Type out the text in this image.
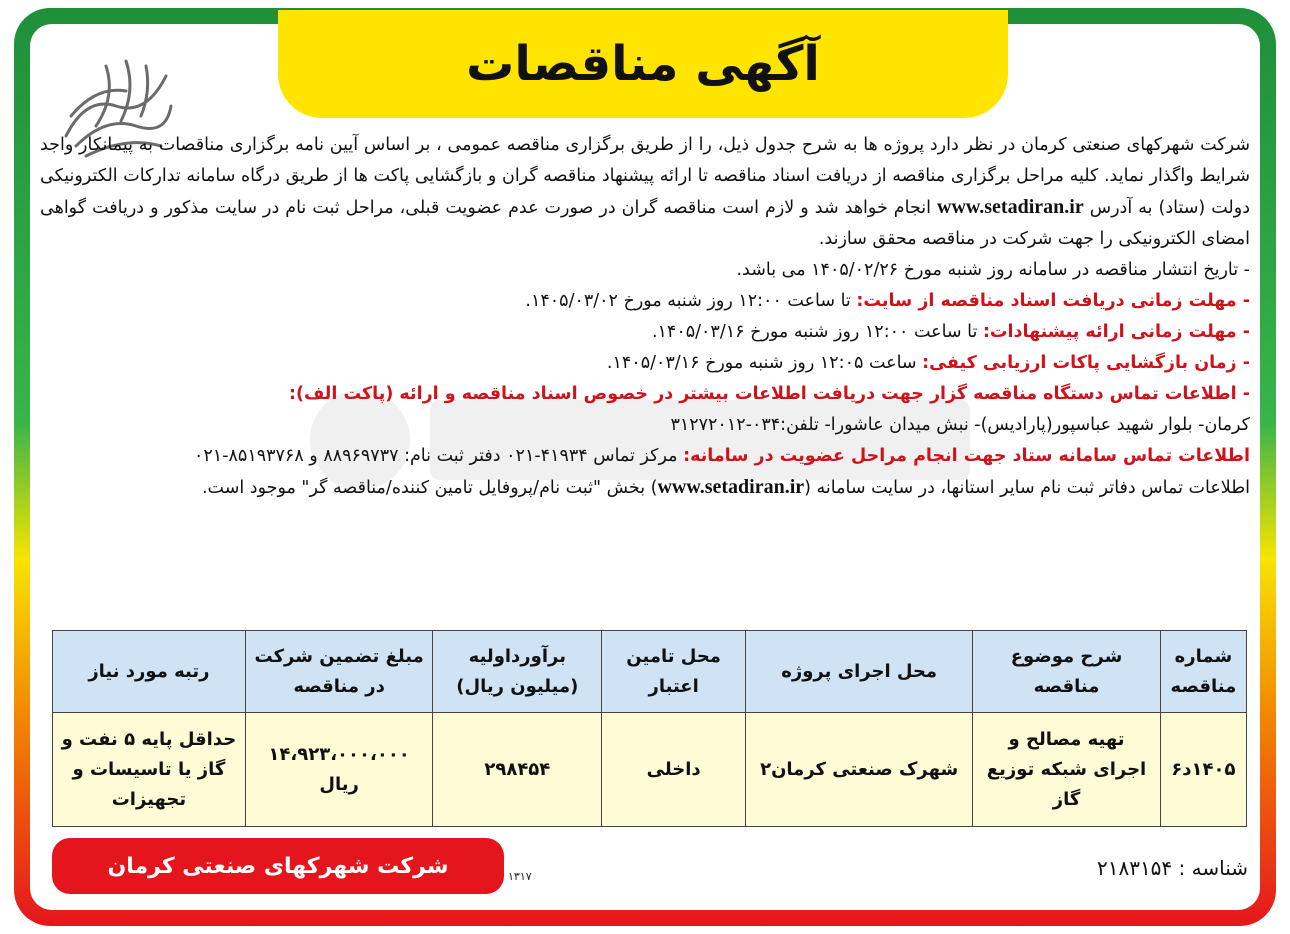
آگهی مناقصات

شرکت شهرکهای صنعتی کرمان در نظر دارد پروژه ها به شرح جدول ذیل، را از طریق برگزاری مناقصه عمومی ، بر اساس آیین نامه برگزاری مناقصات به پیمانکار واجد شرایط واگذار نماید. کلیه مراحل برگزاری مناقصه از دریافت اسناد مناقصه تا ارائه پیشنهاد مناقصه گران و بازگشایی پاکت ها از طریق درگاه سامانه تدارکات الکترونیکی دولت (ستاد) به آدرس www.setadiran.ir انجام خواهد شد و لازم است مناقصه گران در صورت عدم عضویت قبلی، مراحل ثبت نام در سایت مذکور و دریافت گواهی امضای الکترونیکی را جهت شرکت در مناقصه محقق سازند.

- تاریخ انتشار مناقصه در سامانه روز شنبه مورخ ۱۴۰۵/۰۲/۲۶ می باشد.
- مهلت زمانی دریافت اسناد مناقصه از سایت: تا ساعت ۱۲:۰۰ روز شنبه مورخ ۱۴۰۵/۰۳/۰۲.
- مهلت زمانی ارائه پیشنهادات: تا ساعت ۱۲:۰۰ روز شنبه مورخ ۱۴۰۵/۰۳/۱۶.
- زمان بازگشایی پاکات ارزیابی کیفی: ساعت ۱۲:۰۵ روز شنبه مورخ ۱۴۰۵/۰۳/۱۶.
- اطلاعات تماس دستگاه مناقصه گزار جهت دریافت اطلاعات بیشتر در خصوص اسناد مناقصه و ارائه (پاکت الف):
کرمان- بلوار شهید عباسپور(پارادیس)- نبش میدان عاشورا- تلفن:۰۳۴-۳۱۲۷۲۰۱۲
اطلاعات تماس سامانه ستاد جهت انجام مراحل عضویت در سامانه: مرکز تماس ۴۱۹۳۴-۰۲۱ دفتر ثبت نام: ۸۸۹۶۹۷۳۷ و ۸۵۱۹۳۷۶۸-۰۲۱
اطلاعات تماس دفاتر ثبت نام سایر استانها، در سایت سامانه (www.setadiran.ir) بخش "ثبت نام/پروفایل تامین کننده/مناقصه گر" موجود است.
شماره مناقصه	شرح موضوع مناقصه	محل اجرای پروژه	محل تامین اعتبار	برآورداولیه (میلیون ریال)	مبلغ تضمین شرکت در مناقصه	رتبه مورد نیاز
۱۴۰۵د۶	تهیه مصالح و اجرای شبکه توزیع گاز	شهرک صنعتی کرمان۲	داخلی	۲۹۸۴۵۴	۱۴،۹۲۳،۰۰۰،۰۰۰ ریال	حداقل پایه ۵ نفت و گاز یا تاسیسات و تجهیزات
شرکت شهرکهای صنعتی کرمان	۱۳۱۷	شناسه : ۲۱۸۳۱۵۴
